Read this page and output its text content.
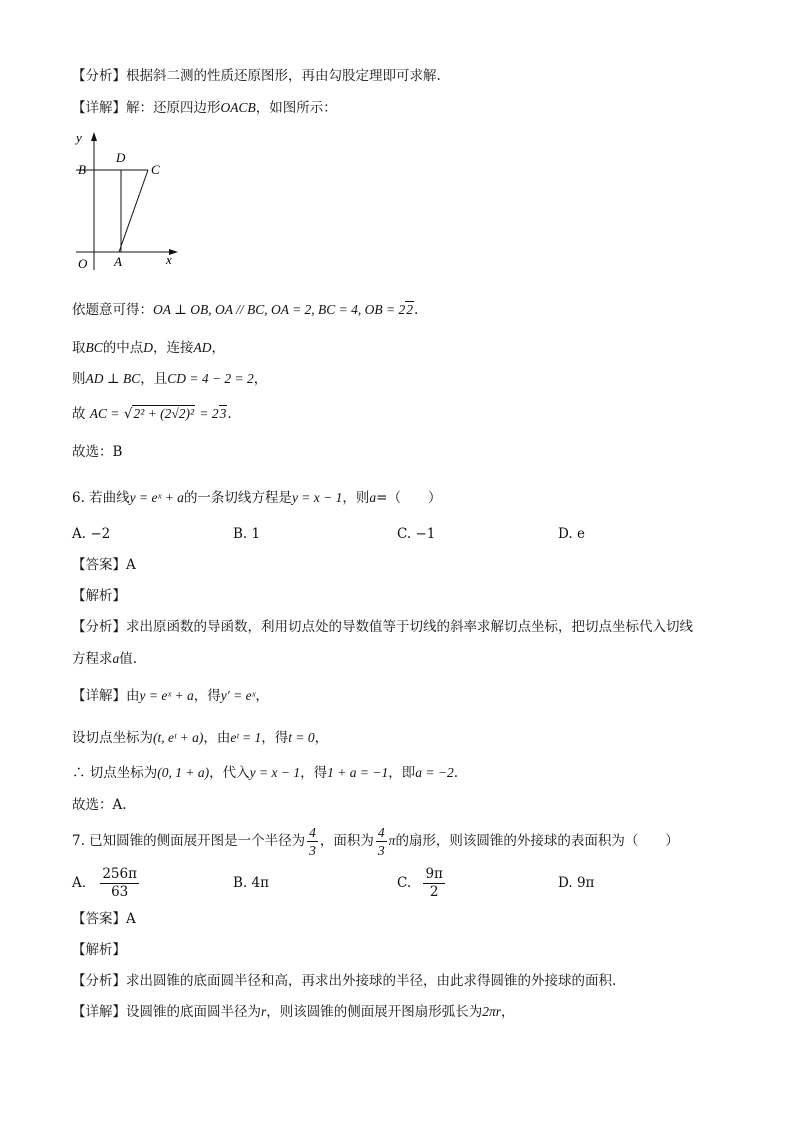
【分析】根据斜二测的性质还原图形，再由勾股定理即可求解.
【详解】解：还原四边形OACB，如图所示：
y
x
B
D
C
O A
依题意可得：OA ⊥ OB, OA // BC, OA = 2, BC = 4, OB = 22.
取BC的中点D，连接AD，
则AD ⊥ BC，且CD = 4 − 2 = 2，
故 AC = √2² + (2√2)² = 23.
故选：B
6. 若曲线y = eˣ + a的一条切线方程是y = x − 1，则a=（　　）
A. −2	B. 1	C. −1	D. e
【答案】A
【解析】
【分析】求出原函数的导函数，利用切点处的导数值等于切线的斜率求解切点坐标，把切点坐标代入切线
方程求a值.
【详解】由y = eˣ + a，得y′ = eˣ，
设切点坐标为(t, eᵗ + a)，由eᵗ = 1，得t = 0，
∴ 切点坐标为(0, 1 + a)，代入y = x − 1，得1 + a = −1，即a = −2.
故选：A.
7. 已知圆锥的侧面展开图是一个半径为 $\frac{4}{3}$ ，面积为 $\frac{4}{3}$ π的扇形，则该圆锥的外接球的表面积为（　　）
A. $\frac{256\pi}{63}$	B. 4π	C. $\frac{9\pi}{2}$	D. 9π
【答案】A
【解析】
【分析】求出圆锥的底面圆半径和高，再求出外接球的半径，由此求得圆锥的外接球的面积.
【详解】设圆锥的底面圆半径为r，则该圆锥的侧面展开图扇形弧长为2πr，
